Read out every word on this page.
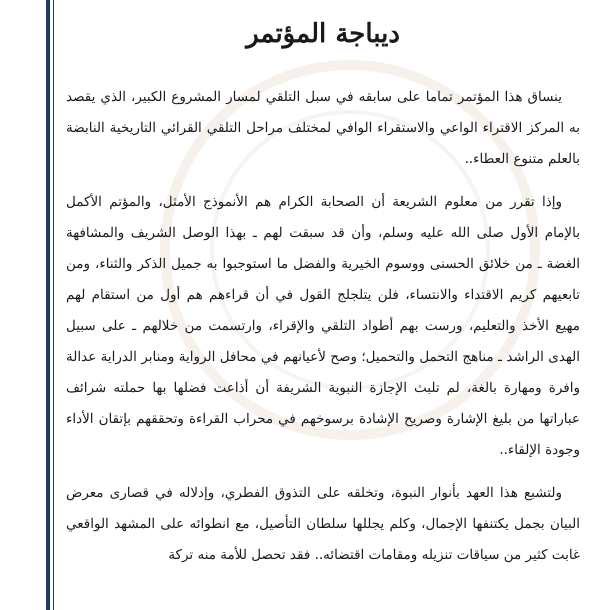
ديباجة المؤتمر

ينساق هذا المؤتمر تماما على سابقه في سبل التلقي لمسار المشروع الكبير، الذي يقصد به المركز الاقتراء الواعي والاستقراء الوافي لمختلف مراحل التلقي القرائي التاريخية النابضة بالعلم متنوع العطاء..

وإذا تقرر من معلوم الشريعة أن الصحابة الكرام هم الأنموذج الأمثل، والمؤتم الأكمل بالإمام الأول صلى الله عليه وسلم، وأن قد سبقت لهم ـ بهذا الوصل الشريف والمشافهة الغضة ـ من خلائق الحسنى ووسوم الخيرية والفضل ما استوجبوا به جميل الذكر والثناء، ومن تابعيهم كريم الاقتداء والانتساء، فلن يتلجلج القول في أن قراءهم هم أول من استقام لهم مهيع الأخذ والتعليم، ورست بهم أطواد التلقي والإقراء، وارتسمت من خلالهم ـ على سبيل الهدى الراشد ـ مناهج التحمل والتحميل؛ وصح لأعيانهم في محافل الرواية ومنابر الدراية عدالة وافرة ومهارة بالغة، لم تلبث الإجازة النبوية الشريفة أن أذاعت فضلها بها حملته شرائف عباراتها من بليغ الإشارة وصريح الإشادة برسوخهم في محراب القراءة وتحققهم بإتقان الأداء وجودة الإلقاء..

ولتشبع هذا العهد بأنوار النبوة، وتخلقه على التذوق الفطري، وإدلاله في قصارى معرض البيان بجمل يكتنفها الإجمال، وكلم يجللها سلطان التأصيل، مع انطوائه على المشهد الواقعي غابت كثير من سياقات تنزيله ومقامات اقتضائه.. فقد تحصل للأمة منه تركة
